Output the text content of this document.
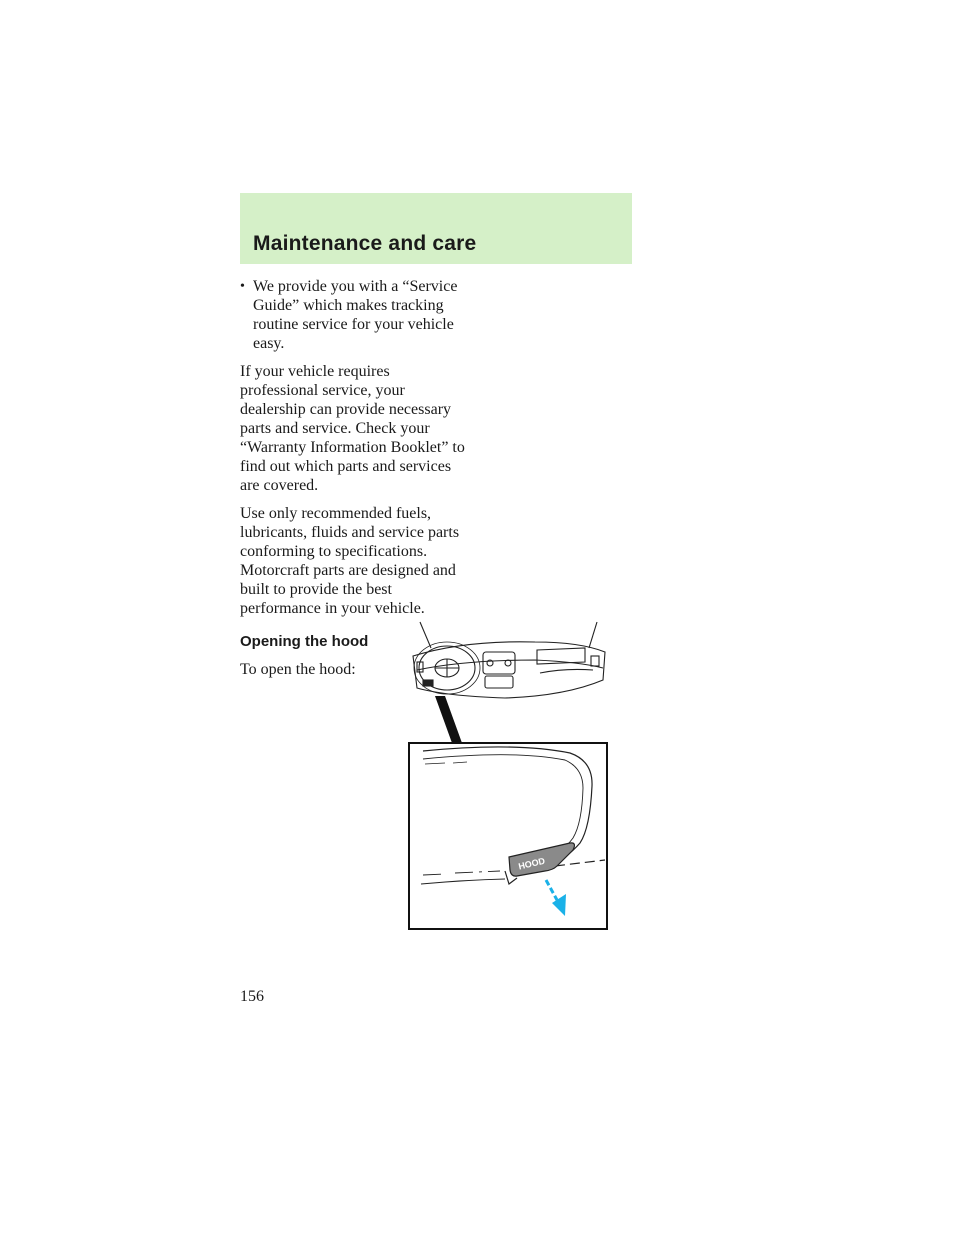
Maintenance and care
• We provide you with a “Service
Guide” which makes tracking
routine service for your vehicle
easy.

If your vehicle requires
professional service, your
dealership can provide necessary
parts and service. Check your
“Warranty Information Booklet” to
find out which parts and services
are covered.

Use only recommended fuels,
lubricants, fluids and service parts
conforming to specifications.
Motorcraft parts are designed and
built to provide the best
performance in your vehicle.

Opening the hood

To open the hood:

HOOD
156
